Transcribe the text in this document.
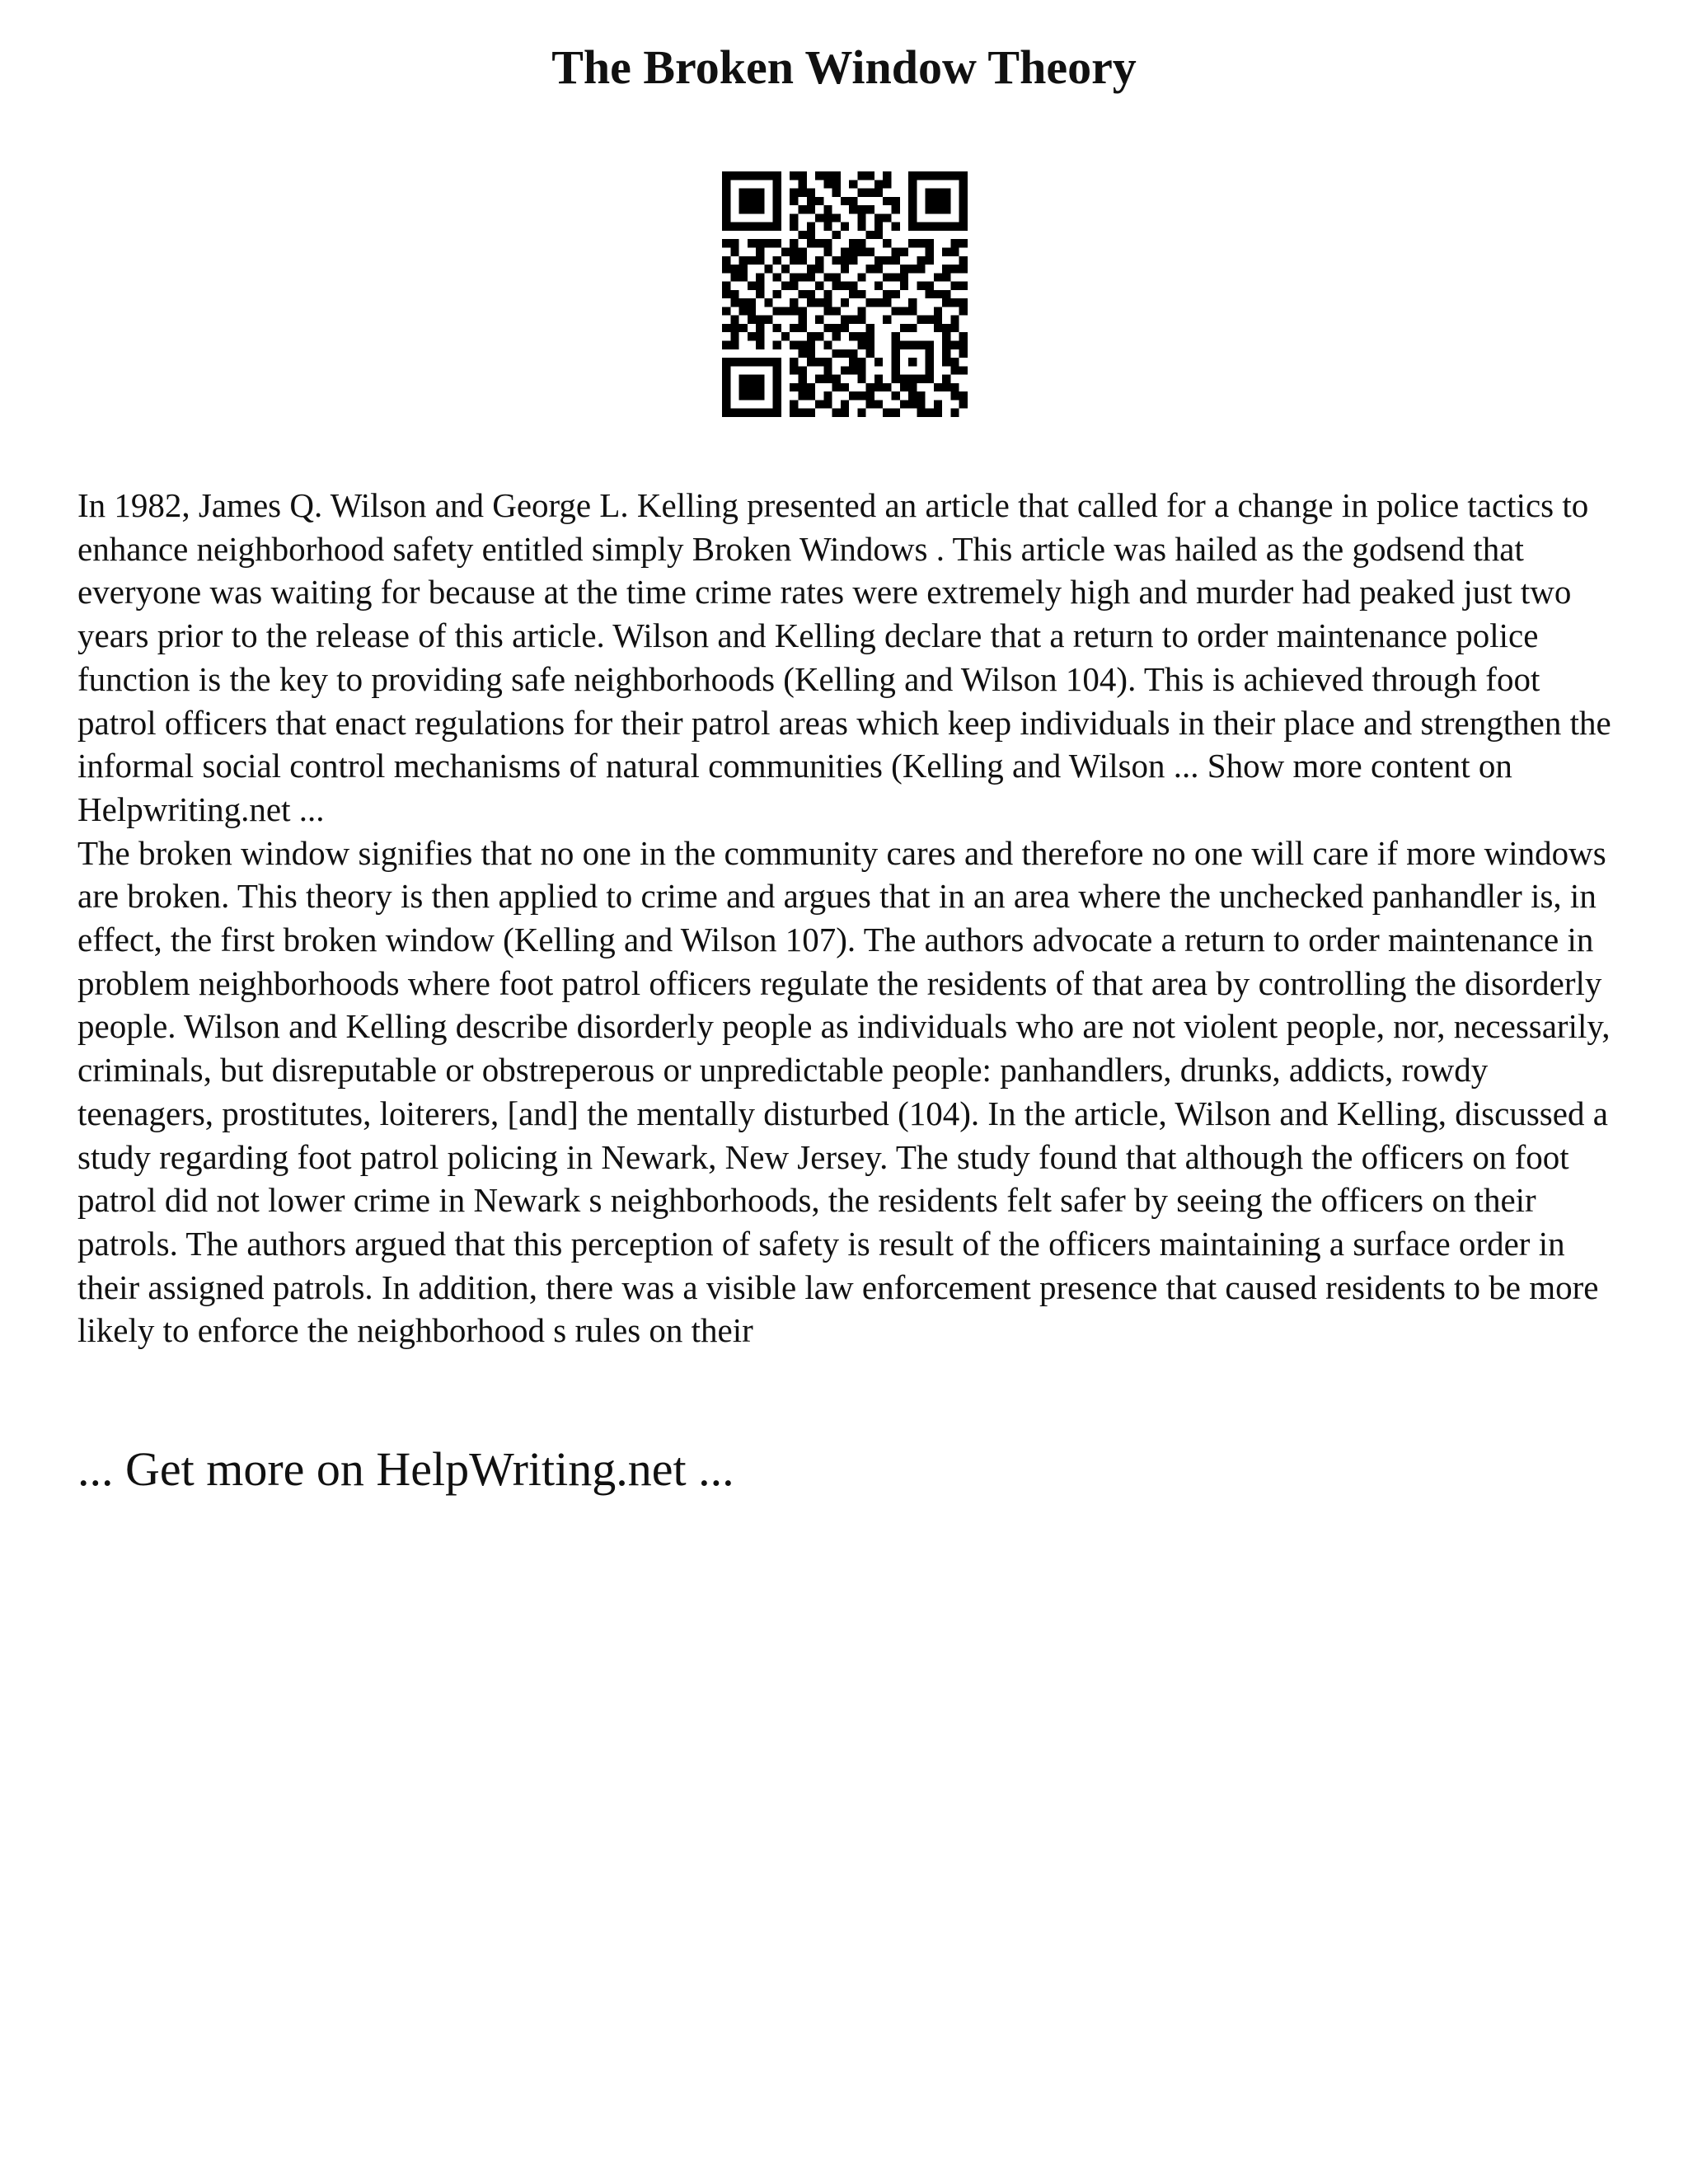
The Broken Window Theory

In 1982, James Q. Wilson and George L. Kelling presented an article that called for a change in police tactics to enhance neighborhood safety entitled simply Broken Windows . This article was hailed as the godsend that everyone was waiting for because at the time crime rates were extremely high and murder had peaked just two years prior to the release of this article. Wilson and Kelling declare that a return to order maintenance police function is the key to providing safe neighborhoods (Kelling and Wilson 104). This is achieved through foot patrol officers that enact regulations for their patrol areas which keep individuals in their place and strengthen the informal social control mechanisms of natural communities (Kelling and Wilson ... Show more content on Helpwriting.net ...

The broken window signifies that no one in the community cares and therefore no one will care if more windows are broken. This theory is then applied to crime and argues that in an area where the unchecked panhandler is, in effect, the first broken window (Kelling and Wilson 107). The authors advocate a return to order maintenance in problem neighborhoods where foot patrol officers regulate the residents of that area by controlling the disorderly people. Wilson and Kelling describe disorderly people as individuals who are not violent people, nor, necessarily, criminals, but disreputable or obstreperous or unpredictable people: panhandlers, drunks, addicts, rowdy teenagers, prostitutes, loiterers, [and] the mentally disturbed (104). In the article, Wilson and Kelling, discussed a study regarding foot patrol policing in Newark, New Jersey. The study found that although the officers on foot patrol did not lower crime in Newark s neighborhoods, the residents felt safer by seeing the officers on their patrols. The authors argued that this perception of safety is result of the officers maintaining a surface order in their assigned patrols. In addition, there was a visible law enforcement presence that caused residents to be more likely to enforce the neighborhood s rules on their

... Get more on HelpWriting.net ...
